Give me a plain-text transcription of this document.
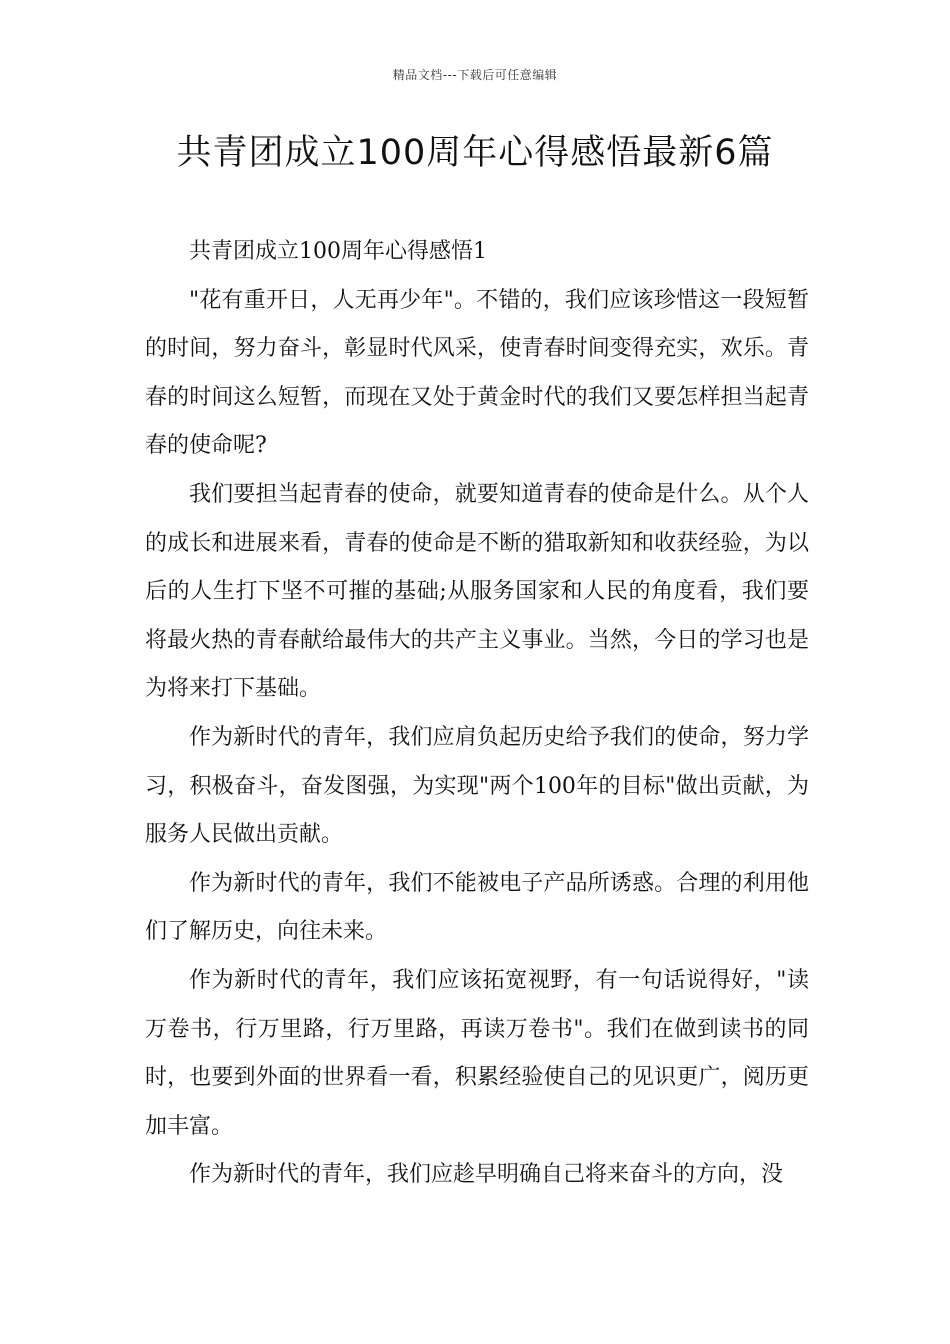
精品文档---下载后可任意编辑
共青团成立100周年心得感悟最新6篇

共青团成立100周年心得感悟1

"花有重开日，人无再少年"。不错的，我们应该珍惜这一段短暂的时间，努力奋斗，彰显时代风采，使青春时间变得充实，欢乐。青春的时间这么短暂，而现在又处于黄金时代的我们又要怎样担当起青春的使命呢?

我们要担当起青春的使命，就要知道青春的使命是什么。从个人的成长和进展来看，青春的使命是不断的猎取新知和收获经验，为以后的人生打下坚不可摧的基础;从服务国家和人民的角度看，我们要将最火热的青春献给最伟大的共产主义事业。当然，今日的学习也是为将来打下基础。

作为新时代的青年，我们应肩负起历史给予我们的使命，努力学习，积极奋斗，奋发图强，为实现"两个100年的目标"做出贡献，为服务人民做出贡献。

作为新时代的青年，我们不能被电子产品所诱惑。合理的利用他们了解历史，向往未来。

作为新时代的青年，我们应该拓宽视野，有一句话说得好，"读万卷书，行万里路，行万里路，再读万卷书"。我们在做到读书的同时，也要到外面的世界看一看，积累经验使自己的见识更广，阅历更加丰富。

作为新时代的青年，我们应趁早明确自己将来奋斗的方向，没
